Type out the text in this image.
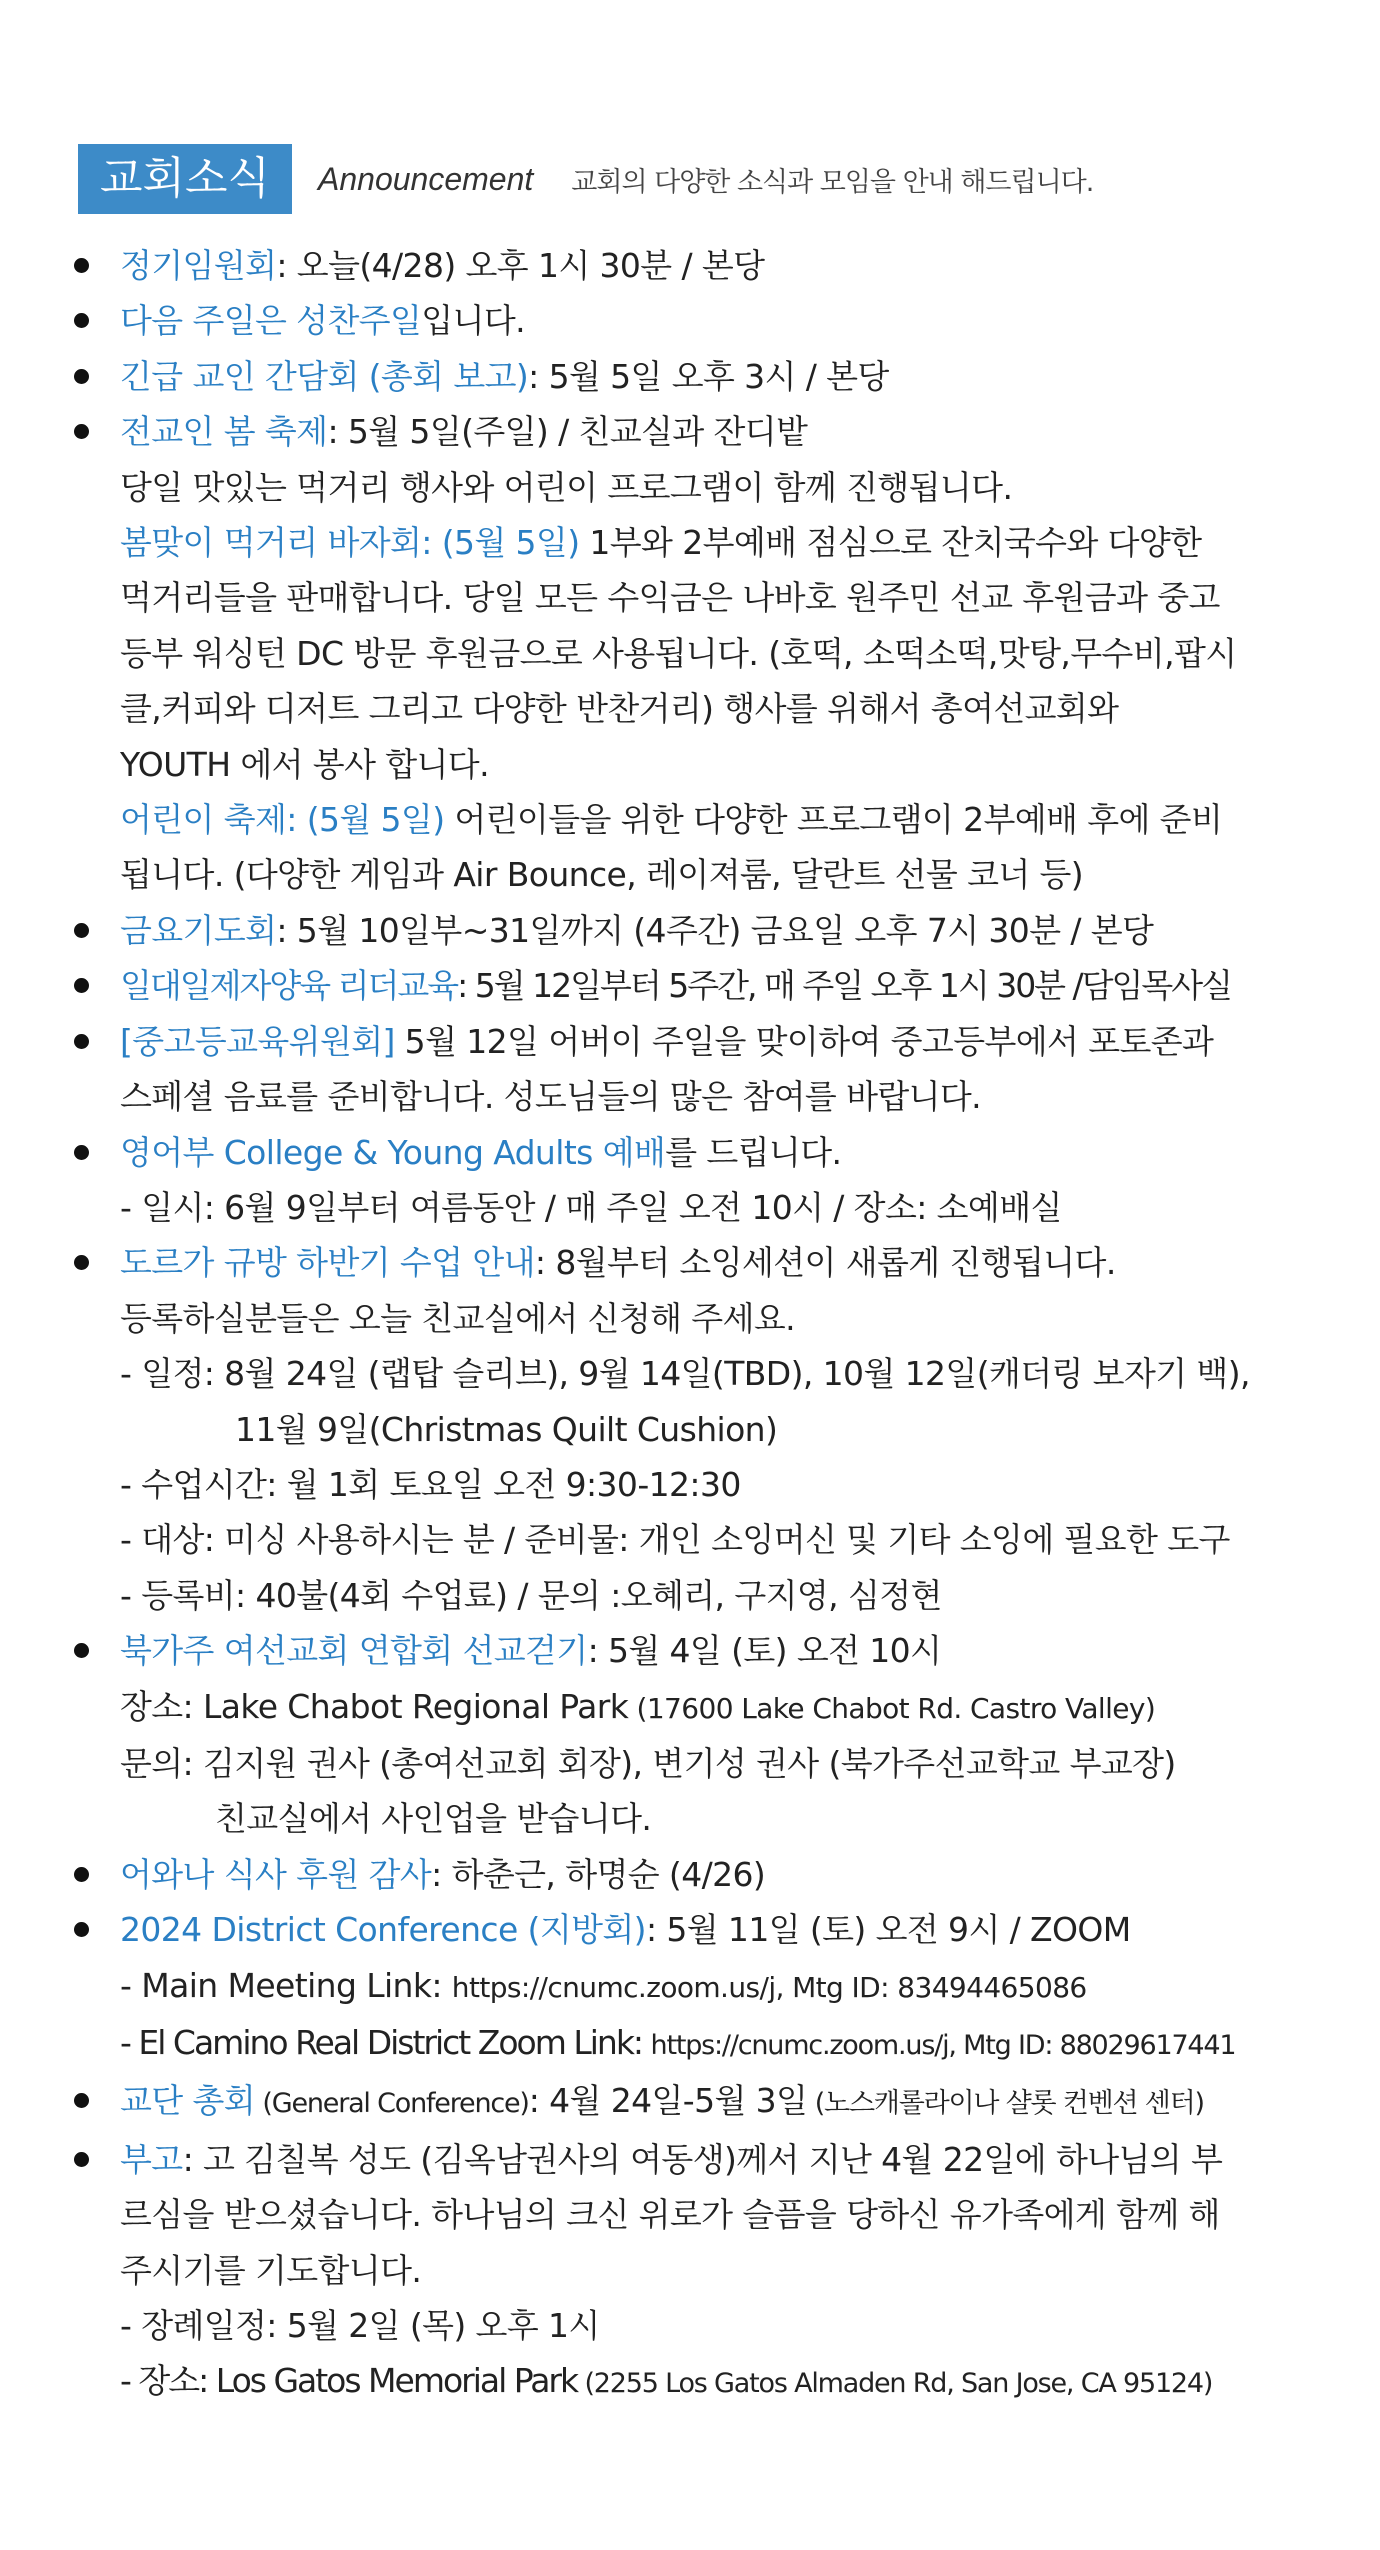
교회소식	Announcement 교회의 다양한 소식과 모임을 안내 해드립니다.
정기임원회: 오늘(4/28) 오후 1시 30분 / 본당
다음 주일은 성찬주일입니다.
긴급 교인 간담회 (총회 보고): 5월 5일 오후 3시 / 본당
전교인 봄 축제: 5월 5일(주일) / 친교실과 잔디밭
당일 맛있는 먹거리 행사와 어린이 프로그램이 함께 진행됩니다.
봄맞이 먹거리 바자회: (5월 5일) 1부와 2부예배 점심으로 잔치국수와 다양한
먹거리들을 판매합니다. 당일 모든 수익금은 나바호 원주민 선교 후원금과 중고
등부 워싱턴 DC 방문 후원금으로 사용됩니다. (호떡, 소떡소떡,맛탕,무수비,팝시
클,커피와 디저트 그리고 다양한 반찬거리) 행사를 위해서 총여선교회와
YOUTH 에서 봉사 합니다.
어린이 축제: (5월 5일) 어린이들을 위한 다양한 프로그램이 2부예배 후에 준비
됩니다. (다양한 게임과 Air Bounce, 레이져룸, 달란트 선물 코너 등)
금요기도회: 5월 10일부~31일까지 (4주간) 금요일 오후 7시 30분 / 본당
일대일제자양육 리더교육: 5월 12일부터 5주간, 매 주일 오후 1시 30분 /담임목사실
[중고등교육위원회] 5월 12일 어버이 주일을 맞이하여 중고등부에서 포토존과
스페셜 음료를 준비합니다. 성도님들의 많은 참여를 바랍니다.
영어부 College & Young Adults 예배를 드립니다.
- 일시: 6월 9일부터 여름동안 / 매 주일 오전 10시 / 장소: 소예배실
도르가 규방 하반기 수업 안내: 8월부터 소잉세션이 새롭게 진행됩니다.
등록하실분들은 오늘 친교실에서 신청해 주세요.
- 일정: 8월 24일 (랩탑 슬리브), 9월 14일(TBD), 10월 12일(캐더링 보자기 백),
11월 9일(Christmas Quilt Cushion)
- 수업시간: 월 1회 토요일 오전 9:30-12:30
- 대상: 미싱 사용하시는 분 / 준비물: 개인 소잉머신 및 기타 소잉에 필요한 도구
- 등록비: 40불(4회 수업료) / 문의 :오혜리, 구지영, 심정현
북가주 여선교회 연합회 선교걷기: 5월 4일 (토) 오전 10시
장소: Lake Chabot Regional Park (17600 Lake Chabot Rd. Castro Valley)
문의: 김지원 권사 (총여선교회 회장), 변기성 권사 (북가주선교학교 부교장)
친교실에서 사인업을 받습니다.
어와나 식사 후원 감사: 하춘근, 하명순 (4/26)
2024 District Conference (지방회): 5월 11일 (토) 오전 9시 / ZOOM
- Main Meeting Link: https://cnumc.zoom.us/j, Mtg ID: 83494465086
- El Camino Real District Zoom Link: https://cnumc.zoom.us/j, Mtg ID: 88029617441
교단 총회 (General Conference): 4월 24일-5월 3일 (노스캐롤라이나 샬롯 컨벤션 센터)
부고: 고 김칠복 성도 (김옥남권사의 여동생)께서 지난 4월 22일에 하나님의 부
르심을 받으셨습니다. 하나님의 크신 위로가 슬픔을 당하신 유가족에게 함께 해
주시기를 기도합니다.
- 장례일정: 5월 2일 (목) 오후 1시
- 장소: Los Gatos Memorial Park (2255 Los Gatos Almaden Rd, San Jose, CA 95124)
